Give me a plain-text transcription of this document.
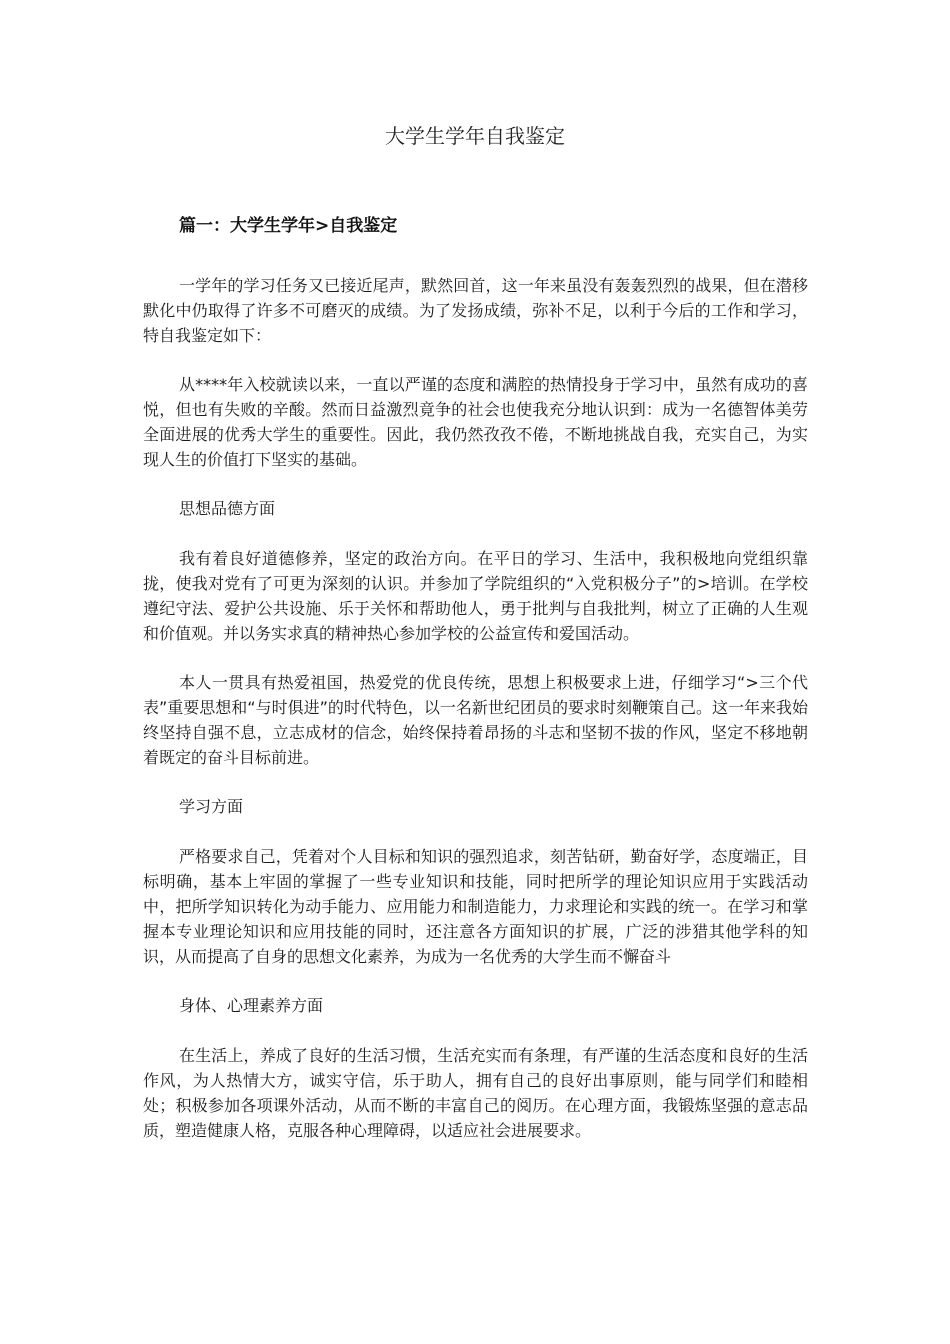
大学生学年自我鉴定
篇一：大学生学年>自我鉴定

一学年的学习任务又已接近尾声，默然回首，这一年来虽没有轰轰烈烈的战果，但在潜移默化中仍取得了许多不可磨灭的成绩。为了发扬成绩，弥补不足，以利于今后的工作和学习，特自我鉴定如下：

从****年入校就读以来，一直以严谨的态度和满腔的热情投身于学习中，虽然有成功的喜悦，但也有失败的辛酸。然而日益激烈竟争的社会也使我充分地认识到：成为一名德智体美劳全面进展的优秀大学生的重要性。因此，我仍然孜孜不倦，不断地挑战自我，充实自己，为实现人生的价值打下坚实的基础。

思想品德方面

我有着良好道德修养，坚定的政治方向。在平日的学习、生活中，我积极地向党组织靠拢，使我对党有了可更为深刻的认识。并参加了学院组织的“入党积极分子”的>培训。在学校遵纪守法、爱护公共设施、乐于关怀和帮助他人，勇于批判与自我批判，树立了正确的人生观和价值观。并以务实求真的精神热心参加学校的公益宣传和爱国活动。

本人一贯具有热爱祖国，热爱党的优良传统，思想上积极要求上进，仔细学习“>三个代表”重要思想和“与时俱进”的时代特色，以一名新世纪团员的要求时刻鞭策自己。这一年来我始终坚持自强不息，立志成材的信念，始终保持着昂扬的斗志和坚韧不拔的作风，坚定不移地朝着既定的奋斗目标前进。

学习方面

严格要求自己，凭着对个人目标和知识的强烈追求，刻苦钻研，勤奋好学，态度端正，目标明确，基本上牢固的掌握了一些专业知识和技能，同时把所学的理论知识应用于实践活动中，把所学知识转化为动手能力、应用能力和制造能力，力求理论和实践的统一。在学习和掌握本专业理论知识和应用技能的同时，还注意各方面知识的扩展，广泛的涉猎其他学科的知识，从而提高了自身的思想文化素养，为成为一名优秀的大学生而不懈奋斗

身体、心理素养方面

在生活上，养成了良好的生活习惯，生活充实而有条理，有严谨的生活态度和良好的生活作风，为人热情大方，诚实守信，乐于助人，拥有自己的良好出事原则，能与同学们和睦相处；积极参加各项课外活动，从而不断的丰富自己的阅历。在心理方面，我锻炼坚强的意志品质，塑造健康人格，克服各种心理障碍，以适应社会进展要求。
